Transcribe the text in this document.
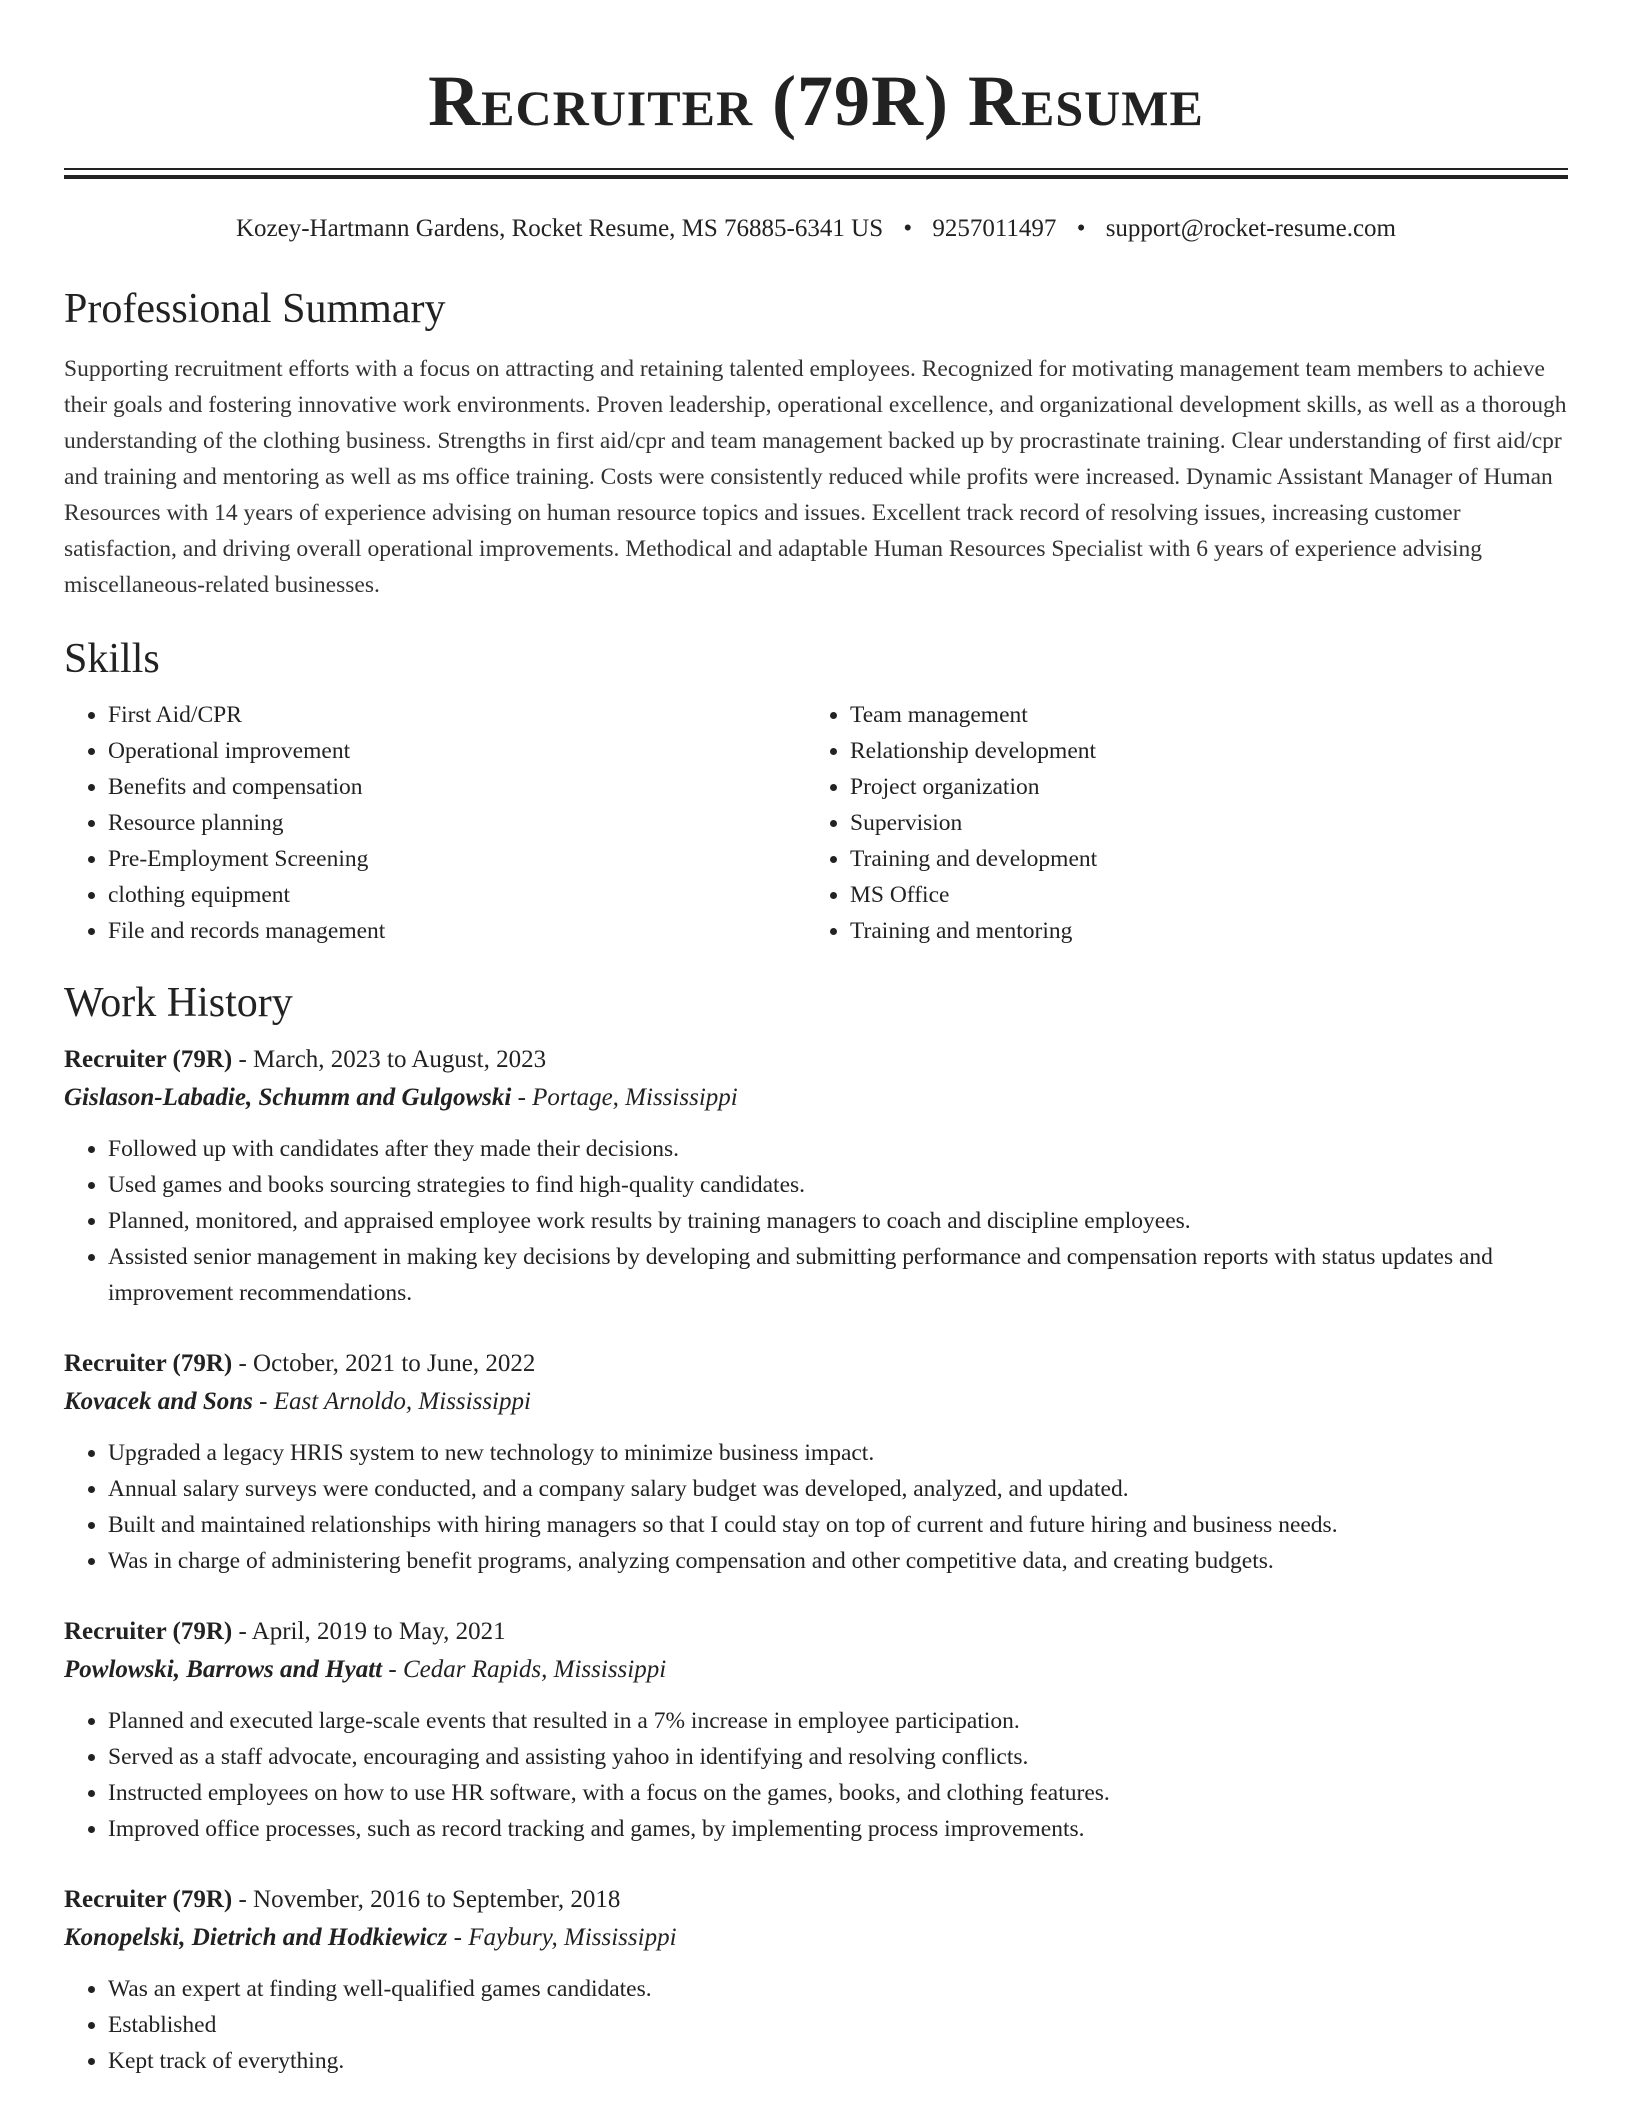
Recruiter (79R) Resume
Kozey-Hartmann Gardens, Rocket Resume, MS 76885-6341 US • 9257011497 • support@rocket-resume.com
Professional Summary

Supporting recruitment efforts with a focus on attracting and retaining talented employees. Recognized for motivating management team members to achieve their goals and fostering innovative work environments. Proven leadership, operational excellence, and organizational development skills, as well as a thorough understanding of the clothing business. Strengths in first aid/cpr and team management backed up by procrastinate training. Clear understanding of first aid/cpr and training and mentoring as well as ms office training. Costs were consistently reduced while profits were increased. Dynamic Assistant Manager of Human Resources with 14 years of experience advising on human resource topics and issues. Excellent track record of resolving issues, increasing customer satisfaction, and driving overall operational improvements. Methodical and adaptable Human Resources Specialist with 6 years of experience advising miscellaneous-related businesses.

Skills
• First Aid/CPR
• Operational improvement
• Benefits and compensation
• Resource planning
• Pre-Employment Screening
• clothing equipment
• File and records management
• Team management
• Relationship development
• Project organization
• Supervision
• Training and development
• MS Office
• Training and mentoring
Work History
Recruiter (79R) - March, 2023 to August, 2023
Gislason-Labadie, Schumm and Gulgowski - Portage, Mississippi
• Followed up with candidates after they made their decisions.
• Used games and books sourcing strategies to find high-quality candidates.
• Planned, monitored, and appraised employee work results by training managers to coach and discipline employees.
• Assisted senior management in making key decisions by developing and submitting performance and compensation reports with status updates and improvement recommendations.
Recruiter (79R) - October, 2021 to June, 2022
Kovacek and Sons - East Arnoldo, Mississippi
• Upgraded a legacy HRIS system to new technology to minimize business impact.
• Annual salary surveys were conducted, and a company salary budget was developed, analyzed, and updated.
• Built and maintained relationships with hiring managers so that I could stay on top of current and future hiring and business needs.
• Was in charge of administering benefit programs, analyzing compensation and other competitive data, and creating budgets.
Recruiter (79R) - April, 2019 to May, 2021
Powlowski, Barrows and Hyatt - Cedar Rapids, Mississippi
• Planned and executed large-scale events that resulted in a 7% increase in employee participation.
• Served as a staff advocate, encouraging and assisting yahoo in identifying and resolving conflicts.
• Instructed employees on how to use HR software, with a focus on the games, books, and clothing features.
• Improved office processes, such as record tracking and games, by implementing process improvements.
Recruiter (79R) - November, 2016 to September, 2018
Konopelski, Dietrich and Hodkiewicz - Faybury, Mississippi
• Was an expert at finding well-qualified games candidates.
• Established
• Kept track of everything.
